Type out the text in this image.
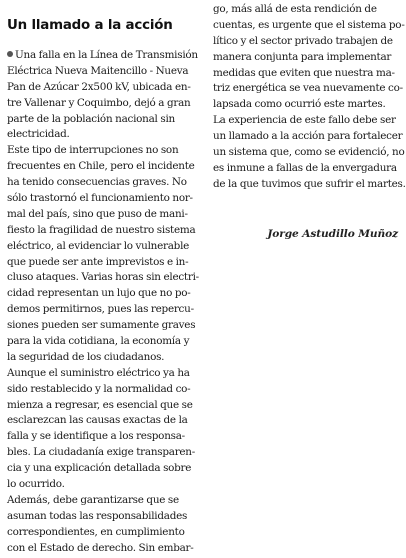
Un llamado a la acción
Una falla en la Línea de Transmisión
Eléctrica Nueva Maitencillo - Nueva
Pan de Azúcar 2x500 kV, ubicada en-
tre Vallenar y Coquimbo, dejó a gran
parte de la población nacional sin
electricidad.
Este tipo de interrupciones no son
frecuentes en Chile, pero el incidente
ha tenido consecuencias graves. No
sólo trastornó el funcionamiento nor-
mal del país, sino que puso de mani-
fiesto la fragilidad de nuestro sistema
eléctrico, al evidenciar lo vulnerable
que puede ser ante imprevistos e in-
cluso ataques. Varias horas sin electri-
cidad representan un lujo que no po-
demos permitirnos, pues las repercu-
siones pueden ser sumamente graves
para la vida cotidiana, la economía y
la seguridad de los ciudadanos.
Aunque el suministro eléctrico ya ha
sido restablecido y la normalidad co-
mienza a regresar, es esencial que se
esclarezcan las causas exactas de la
falla y se identifique a los responsa-
bles. La ciudadanía exige transparen-
cia y una explicación detallada sobre
lo ocurrido.
Además, debe garantizarse que se
asuman todas las responsabilidades
correspondientes, en cumplimiento
con el Estado de derecho. Sin embar-
go, más allá de esta rendición de
cuentas, es urgente que el sistema po-
lítico y el sector privado trabajen de
manera conjunta para implementar
medidas que eviten que nuestra ma-
triz energética se vea nuevamente co-
lapsada como ocurrió este martes.
La experiencia de este fallo debe ser
un llamado a la acción para fortalecer
un sistema que, como se evidenció, no
es inmune a fallas de la envergadura
de la que tuvimos que sufrir el martes.
Jorge Astudillo Muñoz
